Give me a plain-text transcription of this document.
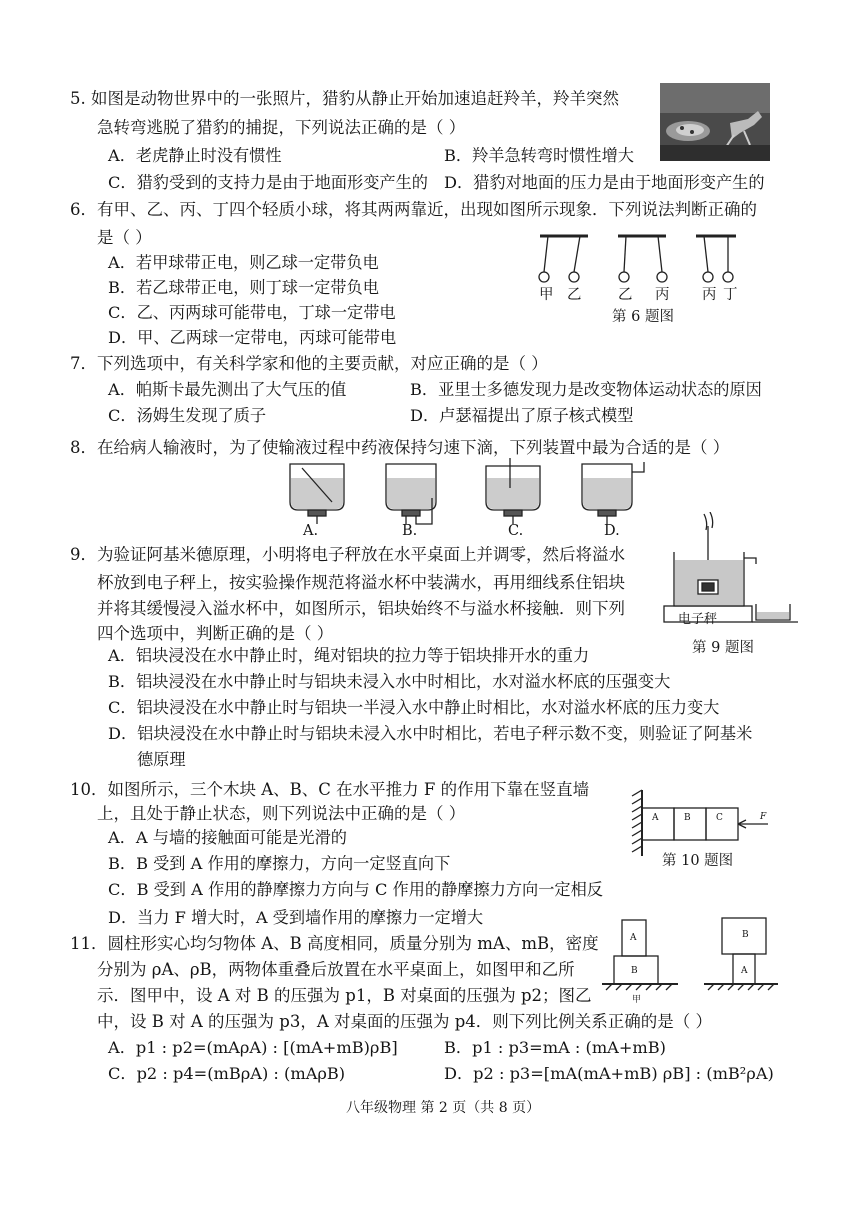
5. 如图是动物世界中的一张照片，猎豹从静止开始加速追赶羚羊，羚羊突然
急转弯逃脱了猎豹的捕捉，下列说法正确的是（ ）
A．老虎静止时没有惯性	B．羚羊急转弯时惯性增大
C．猎豹受到的支持力是由于地面形变产生的 D．猎豹对地面的压力是由于地面形变产生的
6．有甲、乙、丙、丁四个轻质小球，将其两两靠近，出现如图所示现象．下列说法判断正确的
是（ ）
A．若甲球带正电，则乙球一定带负电
B．若乙球带正电，则丁球一定带负电
C．乙、丙两球可能带电，丁球一定带电
D．甲、乙两球一定带电，丙球可能带电
甲 乙	乙 丙 丙 丁
第 6 题图
7．下列选项中，有关科学家和他的主要贡献，对应正确的是（ ）
A．帕斯卡最先测出了大气压的值	B．亚里士多德发现力是改变物体运动状态的原因
C．汤姆生发现了质子	D．卢瑟福提出了原子核式模型
8．在给病人输液时，为了使输液过程中药液保持匀速下滴，下列装置中最为合适的是（ ）
A.	B.	C.	D.
9．为验证阿基米德原理，小明将电子秤放在水平桌面上并调零，然后将溢水
杯放到电子秤上，按实验操作规范将溢水杯中装满水，再用细线系住铝块
并将其缓慢浸入溢水杯中，如图所示，铝块始终不与溢水杯接触．则下列
四个选项中，判断正确的是（ ）
A．铝块浸没在水中静止时，绳对铝块的拉力等于铝块排开水的重力
B．铝块浸没在水中静止时与铝块未浸入水中时相比，水对溢水杯底的压强变大
C．铝块浸没在水中静止时与铝块一半浸入水中静止时相比，水对溢水杯底的压力变大
D．铝块浸没在水中静止时与铝块未浸入水中时相比，若电子秤示数不变，则验证了阿基米
德原理
电子秤
第 9 题图
10．如图所示，三个木块 A、B、C 在水平推力 F 的作用下靠在竖直墙
上，且处于静止状态，则下列说法中正确的是（ ）
A．A 与墙的接触面可能是光滑的
B．B 受到 A 作用的摩擦力，方向一定竖直向下
C．B 受到 A 作用的静摩擦力方向与 C 作用的静摩擦力方向一定相反
D．当力 F 增大时，A 受到墙作用的摩擦力一定增大
A	B	C	F
第 10 题图
11．圆柱形实心均匀物体 A、B 高度相同，质量分别为 mA、mB，密度
分别为 ρA、ρB，两物体重叠后放置在水平桌面上，如图甲和乙所
示．图甲中，设 A 对 B 的压强为 p1，B 对桌面的压强为 p2；图乙
中，设 B 对 A 的压强为 p3，A 对桌面的压强为 p4．则下列比例关系正确的是（ ）
A．p1 : p2=(mAρA) : [(mA+mB)ρB]	B．p1 : p3=mA : (mA+mB)
C．p2 : p4=(mBρA) : (mAρB)	D．p2 : p3=[mA(mA+mB) ρB] : (mB²ρA)
A
B
B
A
甲
八年级物理 第 2 页（共 8 页）
